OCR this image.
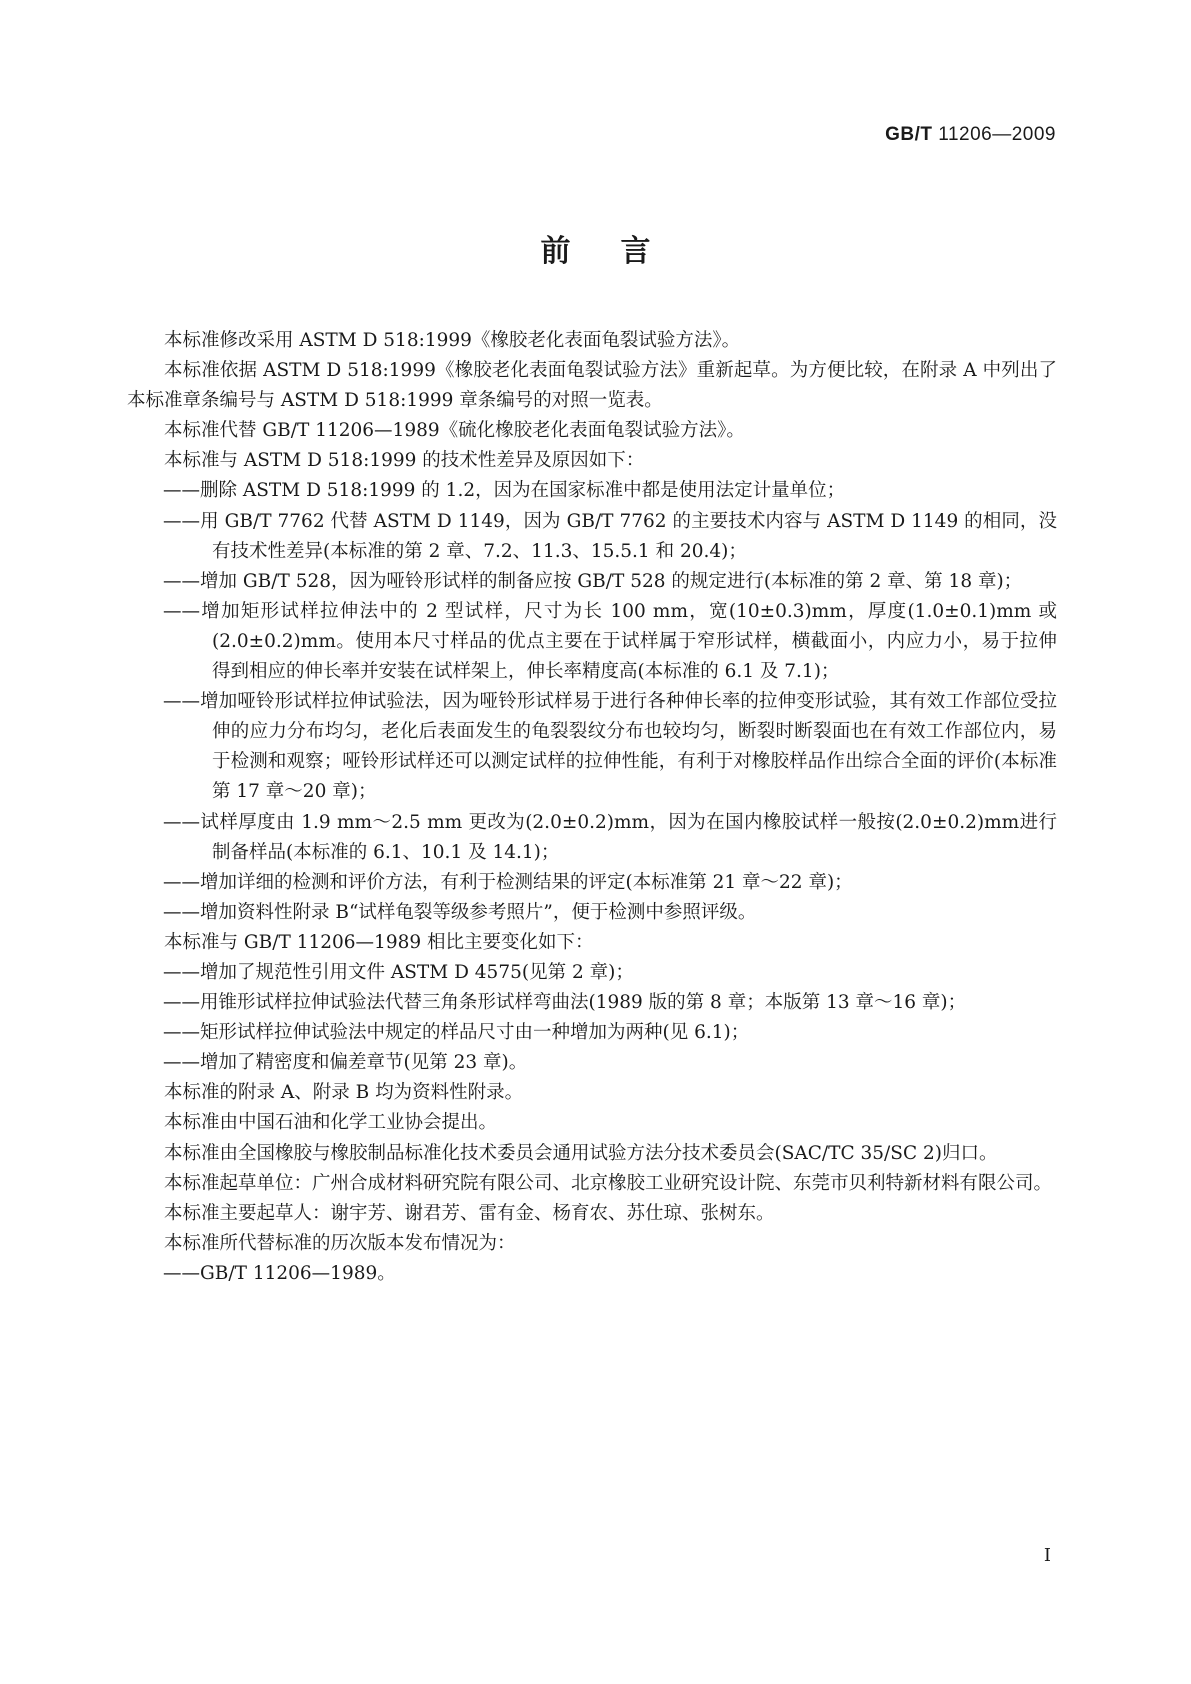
GB/T 11206—2009
前言

本标准修改采用 ASTM D 518:1999《橡胶老化表面龟裂试验方法》。

本标准依据 ASTM D 518:1999《橡胶老化表面龟裂试验方法》重新起草。为方便比较，在附录 A 中列出了本标准章条编号与 ASTM D 518:1999 章条编号的对照一览表。

本标准代替 GB/T 11206—1989《硫化橡胶老化表面龟裂试验方法》。

本标准与 ASTM D 518:1999 的技术性差异及原因如下：

——删除 ASTM D 518:1999 的 1.2，因为在国家标准中都是使用法定计量单位；

——用 GB/T 7762 代替 ASTM D 1149，因为 GB/T 7762 的主要技术内容与 ASTM D 1149 的相同，没有技术性差异(本标准的第 2 章、7.2、11.3、15.5.1 和 20.4)；

——增加 GB/T 528，因为哑铃形试样的制备应按 GB/T 528 的规定进行(本标准的第 2 章、第 18 章)；

——增加矩形试样拉伸法中的 2 型试样，尺寸为长 100 mm，宽(10±0.3)mm，厚度(1.0±0.1)mm 或(2.0±0.2)mm。使用本尺寸样品的优点主要在于试样属于窄形试样，横截面小，内应力小，易于拉伸得到相应的伸长率并安装在试样架上，伸长率精度高(本标准的 6.1 及 7.1)；

——增加哑铃形试样拉伸试验法，因为哑铃形试样易于进行各种伸长率的拉伸变形试验，其有效工作部位受拉伸的应力分布均匀，老化后表面发生的龟裂裂纹分布也较均匀，断裂时断裂面也在有效工作部位内，易于检测和观察；哑铃形试样还可以测定试样的拉伸性能，有利于对橡胶样品作出综合全面的评价(本标准第 17 章～20 章)；

——试样厚度由 1.9 mm～2.5 mm 更改为(2.0±0.2)mm，因为在国内橡胶试样一般按(2.0±0.2)mm进行制备样品(本标准的 6.1、10.1 及 14.1)；

——增加详细的检测和评价方法，有利于检测结果的评定(本标准第 21 章～22 章)；

——增加资料性附录 B“试样龟裂等级参考照片”，便于检测中参照评级。

本标准与 GB/T 11206—1989 相比主要变化如下：

——增加了规范性引用文件 ASTM D 4575(见第 2 章)；

——用锥形试样拉伸试验法代替三角条形试样弯曲法(1989 版的第 8 章；本版第 13 章～16 章)；

——矩形试样拉伸试验法中规定的样品尺寸由一种增加为两种(见 6.1)；

——增加了精密度和偏差章节(见第 23 章)。

本标准的附录 A、附录 B 均为资料性附录。

本标准由中国石油和化学工业协会提出。

本标准由全国橡胶与橡胶制品标准化技术委员会通用试验方法分技术委员会(SAC/TC 35/SC 2)归口。

本标准起草单位：广州合成材料研究院有限公司、北京橡胶工业研究设计院、东莞市贝利特新材料有限公司。

本标准主要起草人：谢宇芳、谢君芳、雷有金、杨育农、苏仕琼、张树东。

本标准所代替标准的历次版本发布情况为：

——GB/T 11206—1989。

I
